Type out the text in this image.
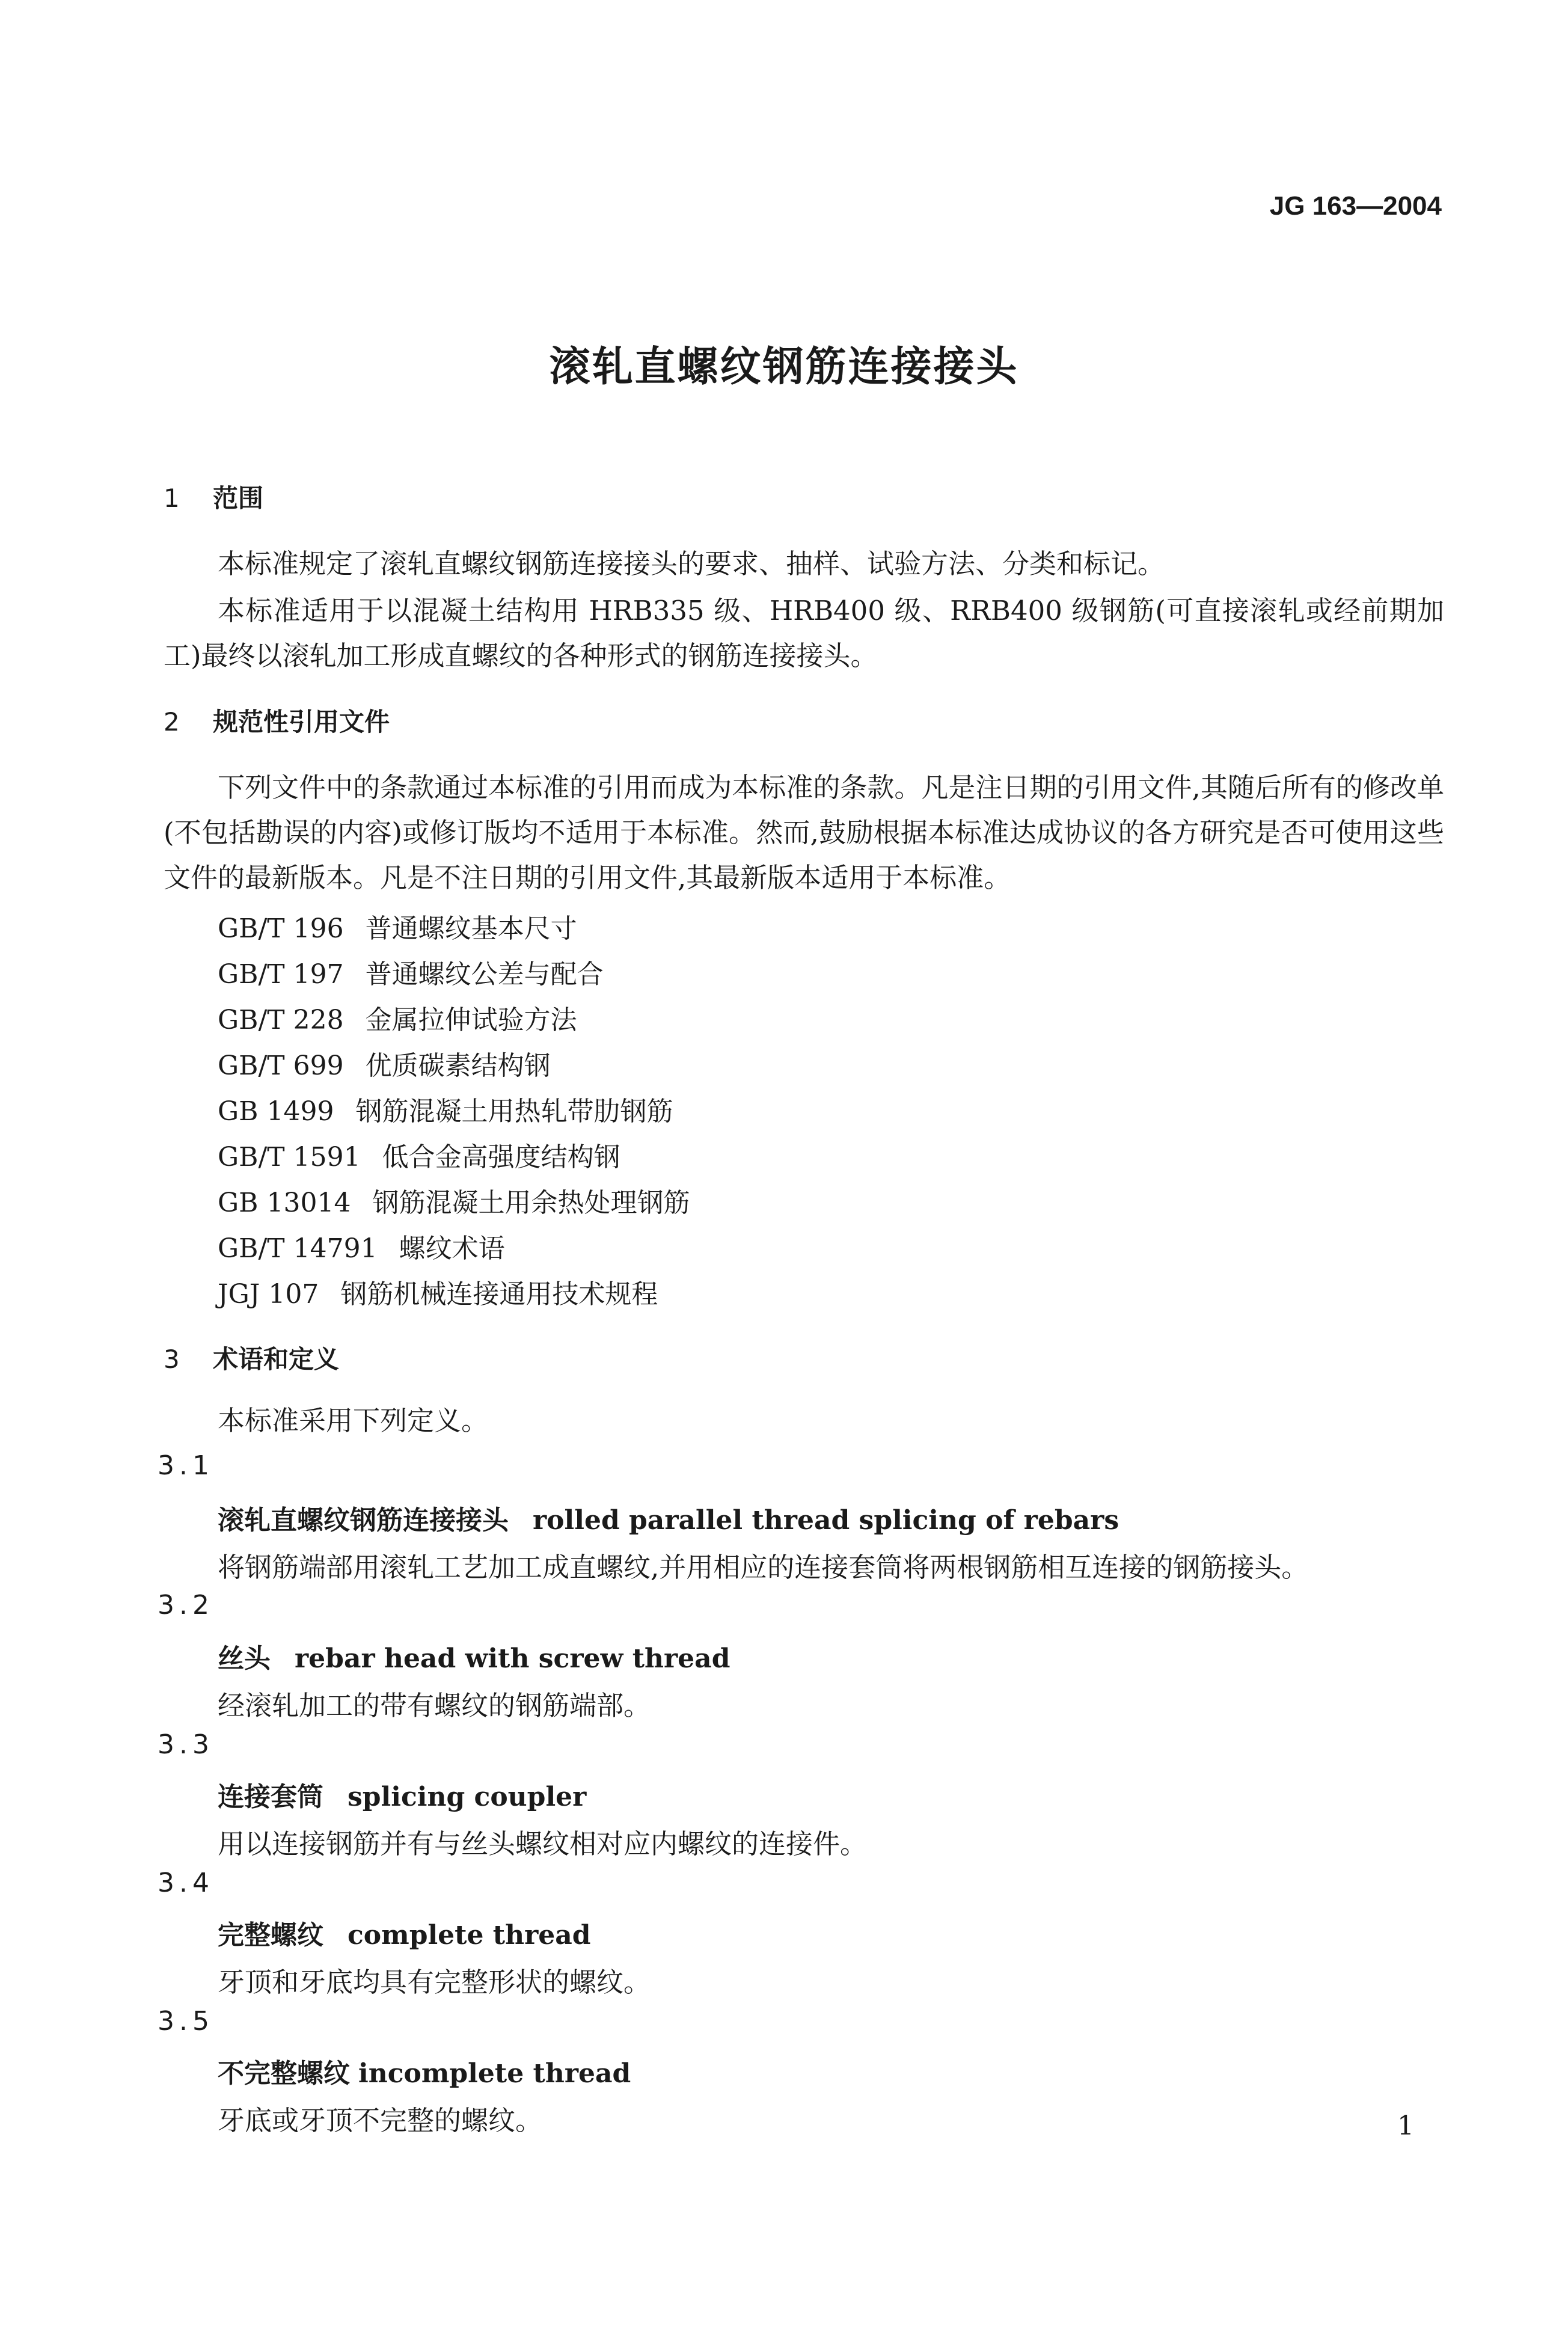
JG 163—2004
滚轧直螺纹钢筋连接接头
1 范围
本标准规定了滚轧直螺纹钢筋连接接头的要求、抽样、试验方法、分类和标记。
本标准适用于以混凝土结构用 HRB335 级、HRB400 级、RRB400 级钢筋(可直接滚轧或经前期加工)最终以滚轧加工形成直螺纹的各种形式的钢筋连接接头。
2 规范性引用文件
下列文件中的条款通过本标准的引用而成为本标准的条款。凡是注日期的引用文件,其随后所有的修改单(不包括勘误的内容)或修订版均不适用于本标准。然而,鼓励根据本标准达成协议的各方研究是否可使用这些文件的最新版本。凡是不注日期的引用文件,其最新版本适用于本标准。
GB/T 196 普通螺纹基本尺寸
GB/T 197 普通螺纹公差与配合
GB/T 228 金属拉伸试验方法
GB/T 699 优质碳素结构钢
GB 1499 钢筋混凝土用热轧带肋钢筋
GB/T 1591 低合金高强度结构钢
GB 13014 钢筋混凝土用余热处理钢筋
GB/T 14791 螺纹术语
JGJ 107 钢筋机械连接通用技术规程
3 术语和定义
本标准采用下列定义。
3.1
滚轧直螺纹钢筋连接接头 rolled parallel thread splicing of rebars
将钢筋端部用滚轧工艺加工成直螺纹,并用相应的连接套筒将两根钢筋相互连接的钢筋接头。
3.2
丝头 rebar head with screw thread
经滚轧加工的带有螺纹的钢筋端部。
3.3
连接套筒 splicing coupler
用以连接钢筋并有与丝头螺纹相对应内螺纹的连接件。
3.4
完整螺纹 complete thread
牙顶和牙底均具有完整形状的螺纹。
3.5
不完整螺纹 incomplete thread
牙底或牙顶不完整的螺纹。	1
